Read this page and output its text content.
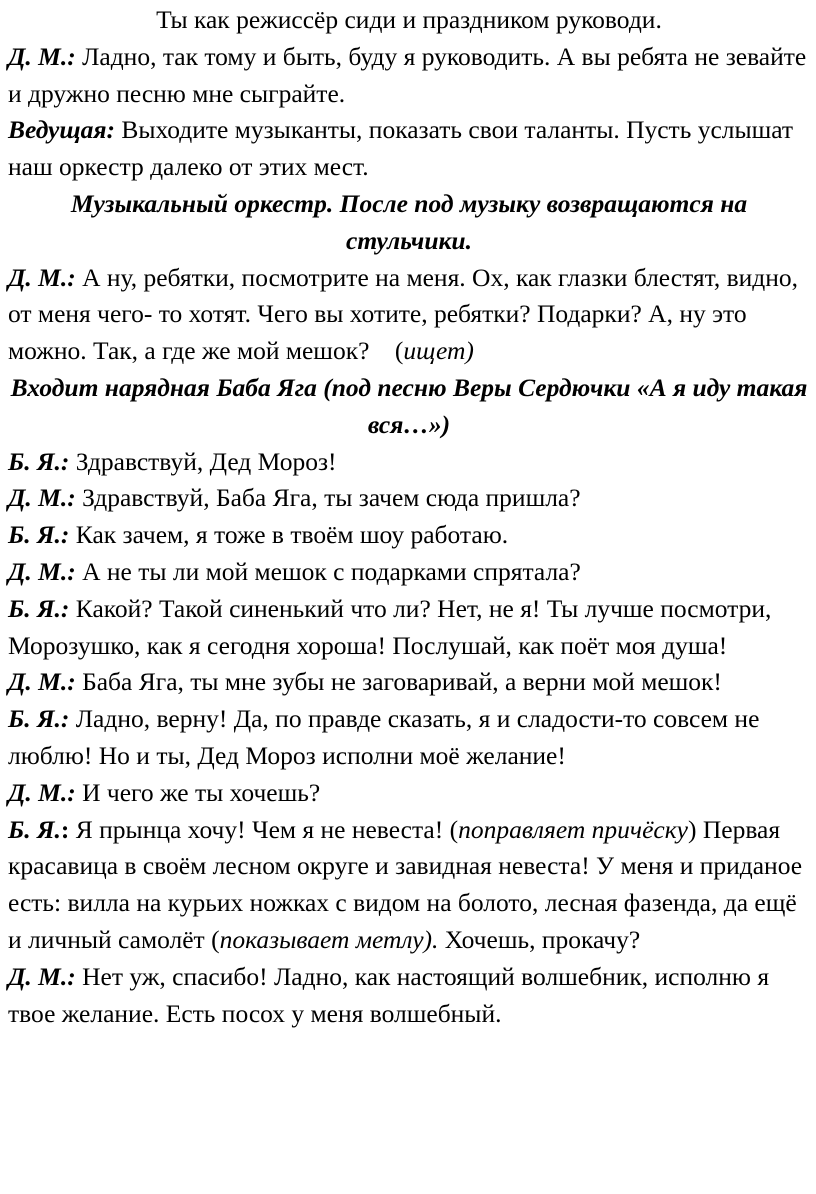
Ты как режиссёр сиди и праздником руководи.

Д. М.: Ладно, так тому и быть, буду я руководить. А вы ребята не зевайте и дружно песню мне сыграйте.

Ведущая: Выходите музыканты, показать свои таланты. Пусть услышат наш оркестр далеко от этих мест.

Музыкальный оркестр. После под музыку возвращаются на стульчики.

Д. М.: А ну, ребятки, посмотрите на меня. Ох, как глазки блестят, видно, от меня чего- то хотят. Чего вы хотите, ребятки? Подарки? А, ну это можно. Так, а где же мой мешок?    (ищет)

Входит нарядная Баба Яга (под песню Веры Сердючки «А я иду такая вся…»)

Б. Я.: Здравствуй, Дед Мороз!

Д. М.: Здравствуй, Баба Яга, ты зачем сюда пришла?

Б. Я.: Как зачем, я тоже в твоём шоу работаю.

Д. М.: А не ты ли мой мешок с подарками спрятала?

Б. Я.: Какой? Такой синенький что ли? Нет, не я! Ты лучше посмотри, Морозушко, как я сегодня хороша! Послушай, как поёт моя душа!

Д. М.: Баба Яга, ты мне зубы не заговаривай, а верни мой мешок!

Б. Я.: Ладно, верну! Да, по правде сказать, я и сладости-то совсем не люблю! Но и ты, Дед Мороз исполни моё желание!

Д. М.: И чего же ты хочешь?

Б. Я.: Я прынца хочу! Чем я не невеста! (поправляет причёску) Первая красавица в своём лесном округе и завидная невеста! У меня и приданое есть: вилла на курьих ножках с видом на болото, лесная фазенда, да ещё и личный самолёт (показывает метлу). Хочешь, прокачу?

Д. М.: Нет уж, спасибо! Ладно, как настоящий волшебник, исполню я твое желание. Есть посох у меня волшебный.
